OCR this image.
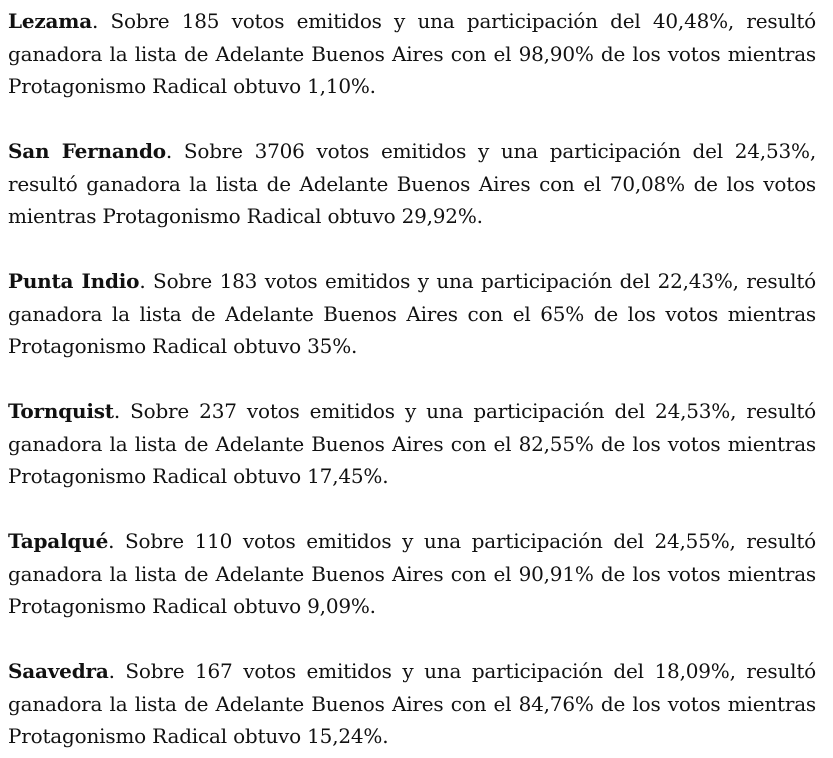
Lezama. Sobre 185 votos emitidos y una participación del 40,48%, resultó ganadora la lista de Adelante Buenos Aires con el 98,90% de los votos mientras Protagonismo Radical obtuvo 1,10%.

San Fernando. Sobre 3706 votos emitidos y una participación del 24,53%, resultó ganadora la lista de Adelante Buenos Aires con el 70,08% de los votos mientras Protagonismo Radical obtuvo 29,92%.

Punta Indio. Sobre 183 votos emitidos y una participación del 22,43%, resultó ganadora la lista de Adelante Buenos Aires con el 65% de los votos mientras Protagonismo Radical obtuvo 35%.

Tornquist. Sobre 237 votos emitidos y una participación del 24,53%, resultó ganadora la lista de Adelante Buenos Aires con el 82,55% de los votos mientras Protagonismo Radical obtuvo 17,45%.

Tapalqué. Sobre 110 votos emitidos y una participación del 24,55%, resultó ganadora la lista de Adelante Buenos Aires con el 90,91% de los votos mientras Protagonismo Radical obtuvo 9,09%.

Saavedra. Sobre 167 votos emitidos y una participación del 18,09%, resultó ganadora la lista de Adelante Buenos Aires con el 84,76% de los votos mientras Protagonismo Radical obtuvo 15,24%.
